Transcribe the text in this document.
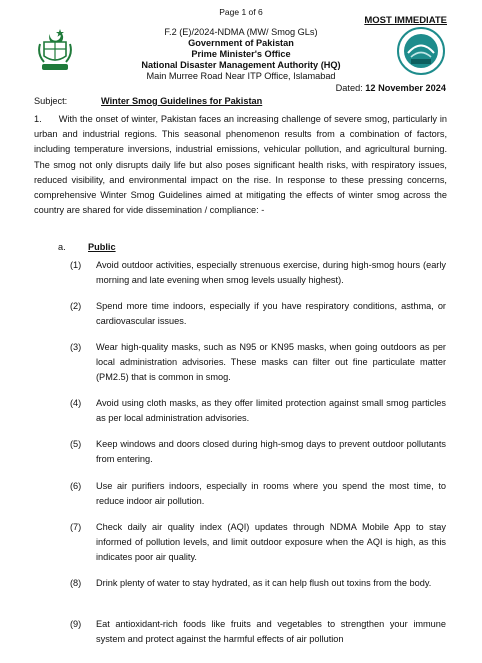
Page 1 of 6
MOST IMMEDIATE
F.2 (E)/2024-NDMA (MW/ Smog GLs)
Government of Pakistan
Prime Minister's Office
National Disaster Management Authority (HQ)
Main Murree Road Near ITP Office, Islamabad
Dated: 12 November 2024
Subject:	Winter Smog Guidelines for Pakistan
1. With the onset of winter, Pakistan faces an increasing challenge of severe smog, particularly in urban and industrial regions. This seasonal phenomenon results from a combination of factors, including temperature inversions, industrial emissions, vehicular pollution, and agricultural burning. The smog not only disrupts daily life but also poses significant health risks, with respiratory issues, reduced visibility, and environmental impact on the rise. In response to these pressing concerns, comprehensive Winter Smog Guidelines aimed at mitigating the effects of winter smog across the country are shared for vide dissemination / compliance: -
a. Public
(1) Avoid outdoor activities, especially strenuous exercise, during high-smog hours (early morning and late evening when smog levels usually highest).
(2) Spend more time indoors, especially if you have respiratory conditions, asthma, or cardiovascular issues.
(3) Wear high-quality masks, such as N95 or KN95 masks, when going outdoors as per local administration advisories. These masks can filter out fine particulate matter (PM2.5) that is common in smog.
(4) Avoid using cloth masks, as they offer limited protection against small smog particles as per local administration advisories.
(5) Keep windows and doors closed during high-smog days to prevent outdoor pollutants from entering.
(6) Use air purifiers indoors, especially in rooms where you spend the most time, to reduce indoor air pollution.
(7) Check daily air quality index (AQI) updates through NDMA Mobile App to stay informed of pollution levels, and limit outdoor exposure when the AQI is high, as this indicates poor air quality.
(8) Drink plenty of water to stay hydrated, as it can help flush out toxins from the body.
(9) Eat antioxidant-rich foods like fruits and vegetables to strengthen your immune system and protect against the harmful effects of air pollution
